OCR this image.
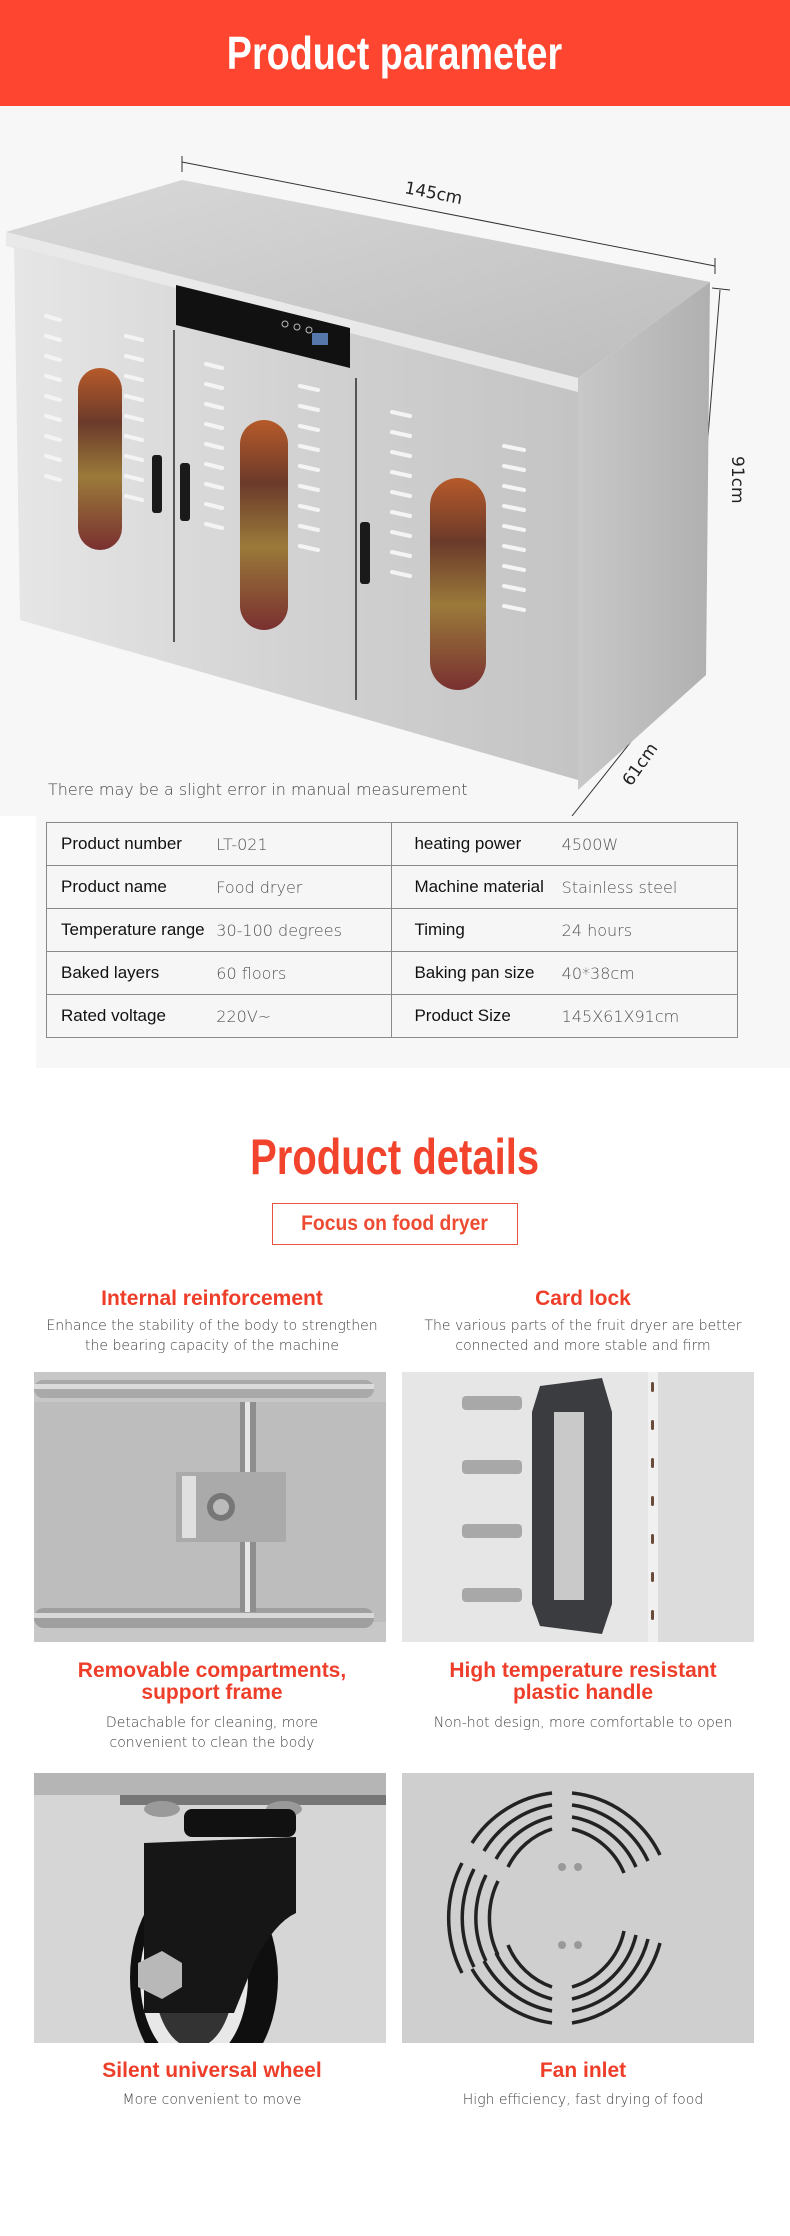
Product parameter
145cm
91cm
61cm
There may be a slight error in manual measurement
Product number	LT-021	heating power	4500W
Product name	Food dryer	Machine material	Stainless steel
Temperature range	30-100 degrees	Timing	24 hours
Baked layers	60 floors	Baking pan size	40*38cm
Rated voltage	220V~	Product Size	145X61X91cm
Product details
Focus on food dryer
Internal reinforcement
Enhance the stability of the body to strengthen
the bearing capacity of the machine
Card lock
The various parts of the fruit dryer are better
connected and more stable and firm
Removable compartments,
support frame
Detachable for cleaning, more
convenient to clean the body
High temperature resistant
plastic handle
Non-hot design, more comfortable to open
Silent universal wheel
More convenient to move
Fan inlet
High efficiency, fast drying of food
